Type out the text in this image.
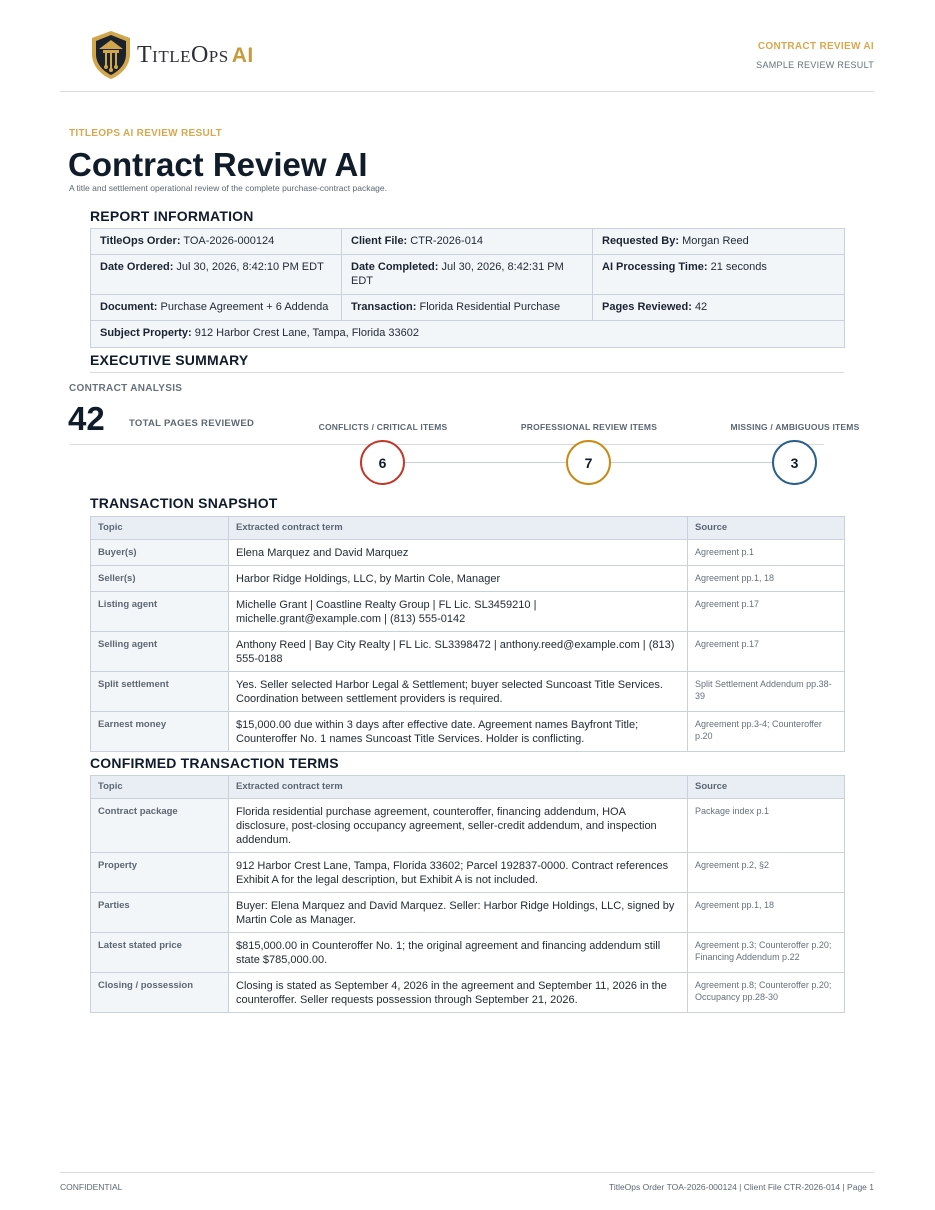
TitleOps AI	CONTRACT REVIEW AI
SAMPLE REVIEW RESULT
TITLEOPS AI REVIEW RESULT
Contract Review AI
A title and settlement operational review of the complete purchase-contract package.
REPORT INFORMATION
TitleOps Order: TOA-2026-000124	Client File: CTR-2026-014	Requested By: Morgan Reed
Date Ordered: Jul 30, 2026, 8:42:10 PM EDT	Date Completed: Jul 30, 2026, 8:42:31 PM EDT	AI Processing Time: 21 seconds
Document: Purchase Agreement + 6 Addenda	Transaction: Florida Residential Purchase	Pages Reviewed: 42
Subject Property: 912 Harbor Crest Lane, Tampa, Florida 33602		
EXECUTIVE SUMMARY
CONTRACT ANALYSIS
42	TOTAL PAGES REVIEWED	CONFLICTS / CRITICAL ITEMS	PROFESSIONAL REVIEW ITEMS	MISSING / AMBIGUOUS ITEMS
6	7	3
TRANSACTION SNAPSHOT
Topic	Extracted contract term	Source
Buyer(s)	Elena Marquez and David Marquez	Agreement p.1
Seller(s)	Harbor Ridge Holdings, LLC, by Martin Cole, Manager	Agreement pp.1, 18
Listing agent	Michelle Grant | Coastline Realty Group | FL Lic. SL3459210 | michelle.grant@example.com | (813) 555-0142	Agreement p.17
Selling agent	Anthony Reed | Bay City Realty | FL Lic. SL3398472 | anthony.reed@example.com | (813) 555-0188	Agreement p.17
Split settlement	Yes. Seller selected Harbor Legal & Settlement; buyer selected Suncoast Title Services. Coordination between settlement providers is required.	Split Settlement Addendum pp.38-39
Earnest money	$15,000.00 due within 3 days after effective date. Agreement names Bayfront Title; Counteroffer No. 1 names Suncoast Title Services. Holder is conflicting.	Agreement pp.3-4; Counteroffer p.20
CONFIRMED TRANSACTION TERMS
Topic	Extracted contract term	Source
Contract package	Florida residential purchase agreement, counteroffer, financing addendum, HOA disclosure, post-closing occupancy agreement, seller-credit addendum, and inspection addendum.	Package index p.1
Property	912 Harbor Crest Lane, Tampa, Florida 33602; Parcel 192837-0000. Contract references Exhibit A for the legal description, but Exhibit A is not included.	Agreement p.2, §2
Parties	Buyer: Elena Marquez and David Marquez. Seller: Harbor Ridge Holdings, LLC, signed by Martin Cole as Manager.	Agreement pp.1, 18
Latest stated price	$815,000.00 in Counteroffer No. 1; the original agreement and financing addendum still state $785,000.00.	Agreement p.3; Counteroffer p.20; Financing Addendum p.22
Closing / possession	Closing is stated as September 4, 2026 in the agreement and September 11, 2026 in the counteroffer. Seller requests possession through September 21, 2026.	Agreement p.8; Counteroffer p.20; Occupancy pp.28-30
CONFIDENTIAL	TitleOps Order TOA-2026-000124 | Client File CTR-2026-014 | Page 1
